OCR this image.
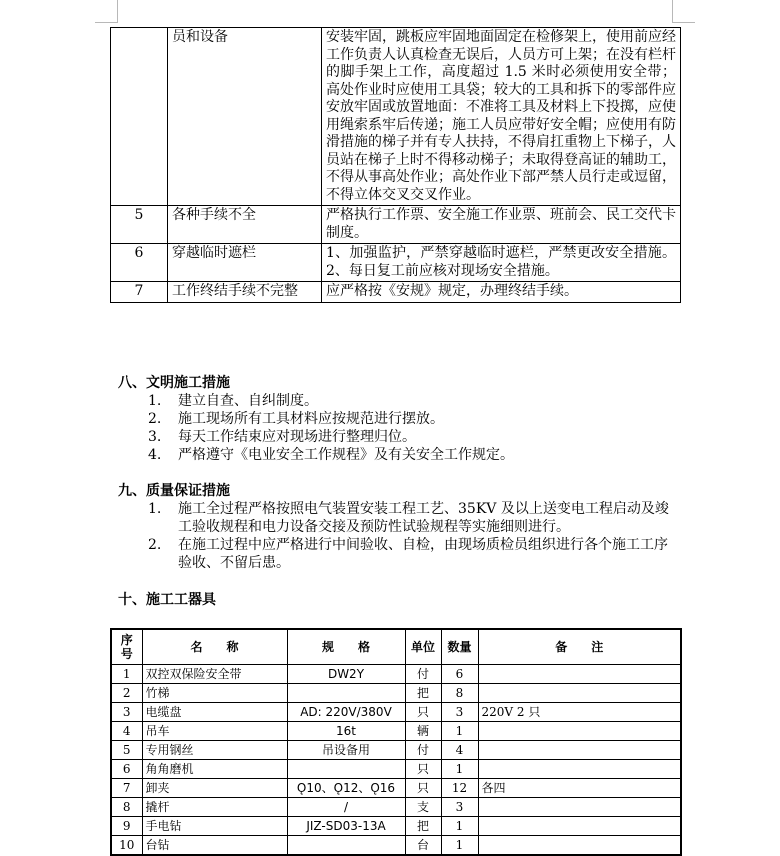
	员和设备	安装牢固，跳板应牢固地面固定在检修架上，使用前应经工作负责人认真检查无误后，人员方可上架；在没有栏杆的脚手架上工作，高度超过 1.5 米时必须使用安全带；高处作业时应使用工具袋；较大的工具和拆下的零部件应安放牢固或放置地面：不准将工具及材料上下投掷，应使用绳索系牢后传递；施工人员应带好安全帽；应使用有防滑措施的梯子并有专人扶持，不得肩扛重物上下梯子，人员站在梯子上时不得移动梯子；未取得登高证的辅助工，不得从事高处作业；高处作业下部严禁人员行走或逗留，不得立体交叉交叉作业。
5	各种手续不全	严格执行工作票、安全施工作业票、班前会、民工交代卡制度。
6	穿越临时遮栏	1、加强监护，严禁穿越临时遮栏，严禁更改安全措施。2、每日复工前应核对现场安全措施。
7	工作终结手续不完整	应严格按《安规》规定，办理终结手续。
八、文明施工措施
1. 建立自查、自纠制度。
2. 施工现场所有工具材料应按规范进行摆放。
3. 每天工作结束应对现场进行整理归位。
4. 严格遵守《电业安全工作规程》及有关安全工作规定。
九、质量保证措施
1. 施工全过程严格按照电气装置安装工程工艺、35KV 及以上送变电工程启动及竣工验收规程和电力设备交接及预防性试验规程等实施细则进行。
2. 在施工过程中应严格进行中间验收、自检，由现场质检员组织进行各个施工工序验收、不留后患。
十、施工工器具
序号	名　　称	规　　格	单位	数量	备　　注
1	双控双保险安全带	DW2Y	付	6	
2	竹梯		把	8	
3	电缆盘	AD: 220V/380V	只	3	220V 2 只
4	吊车	16t	辆	1	
5	专用钢丝	吊设备用	付	4	
6	角角磨机		只	1	
7	卸夹	Ǫ10、Ǫ12、Ǫ16	只	12	各四
8	撬杆	/	支	3	
9	手电钻	JIZ-SD03-13A	把	1	
10	台钻		台	1	
